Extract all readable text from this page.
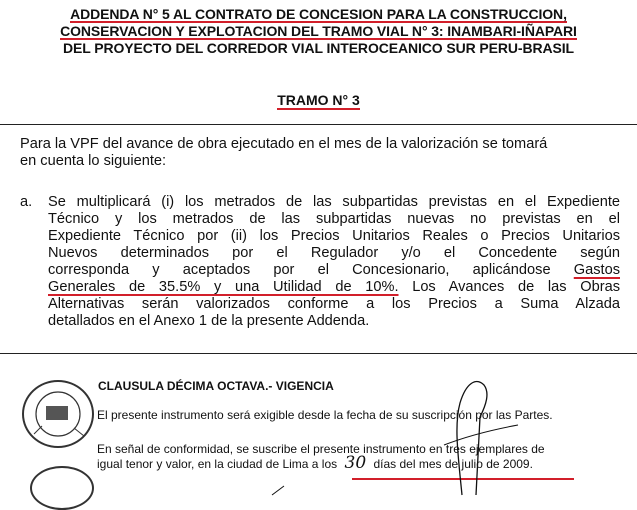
ADDENDA N° 5 AL CONTRATO DE CONCESION PARA LA CONSTRUCCION,
CONSERVACION Y EXPLOTACION DEL TRAMO VIAL N° 3: INAMBARI-IÑAPARI
DEL PROYECTO DEL CORREDOR VIAL INTEROCEANICO SUR PERU-BRASIL
TRAMO N° 3
Para la VPF del avance de obra ejecutado en el mes de la valorización se tomará
en cuenta lo siguiente:
a. Se multiplicará (i) los metrados de las subpartidas previstas en el Expediente
Técnico y los metrados de las subpartidas nuevas no previstas en el
Expediente Técnico por (ii) los Precios Unitarios Reales o Precios Unitarios
Nuevos determinados por el Regulador y/o el Concedente según
corresponda y aceptados por el Concesionario, aplicándose Gastos
Generales de 35.5% y una Utilidad de 10%. Los Avances de las Obras
Alternativas serán valorizados conforme a los Precios a Suma Alzada
detallados en el Anexo 1 de la presente Addenda.
CLAUSULA DÉCIMA OCTAVA.- VIGENCIA
El presente instrumento será exigible desde la fecha de su suscripción por las Partes.
En señal de conformidad, se suscribe el presente instrumento en tres ejemplares de
igual tenor y valor, en la ciudad de Lima a los 30 días del mes de julio de 2009.
